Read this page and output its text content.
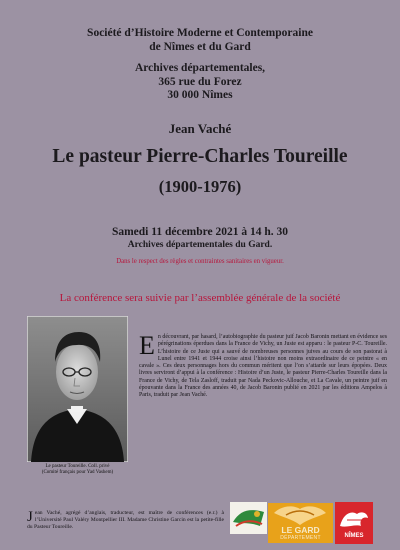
Société d’Histoire Moderne et Contemporaine
de Nîmes et du Gard
Archives départementales,
365 rue du Forez
30 000 Nîmes
Jean Vaché
Le pasteur Pierre-Charles Toureille
(1900-1976)
Samedi 11 décembre 2021 à 14 h. 30
Archives départementales du Gard.
Dans le respect des règles et contraintes sanitaires en vigueur.
La conférence sera suivie par l’assemblée générale de la société
Le pasteur Toureille. Coll. privé
(Comité français pour Yad Vashem)

En découvrant, par hasard, l’autobiographie du pasteur juif Jacob Baronin mettant en évidence ses pérégrinations éperdues dans la France de Vichy, un Juste est apparu : le pasteur P-C. Toureille. L’histoire de ce Juste qui a sauvé de nombreuses personnes juives au cours de son pastorat à Lunel entre 1941 et 1944 croise ainsi l’histoire non moins extraordinaire de ce peintre « en cavale ». Ces deux personnages hors du commun méritent que l’on s’attarde sur leurs épopées. Deux livres serviront d’appui à la conférence : Histoire d’un Juste, le pasteur Pierre-Charles Toureille dans la France de Vichy, de Tela Zasloff, traduit par Nada Peckovic-Allouche, et La Cavale, un peintre juif en épouvante dans la France des années 40, de Jacob Baronin publié en 2021 par les éditions Ampelos à Paris, traduit par Jean Vaché.

Jean Vaché, agrégé d’anglais, traducteur, est maître de conférences (e.r.) à l’Université Paul Valéry Montpellier III. Madame Christine Garcin est la petite-fille du Pasteur Toureille.	LE GARD
DÉPARTEMENT	NÎMES
